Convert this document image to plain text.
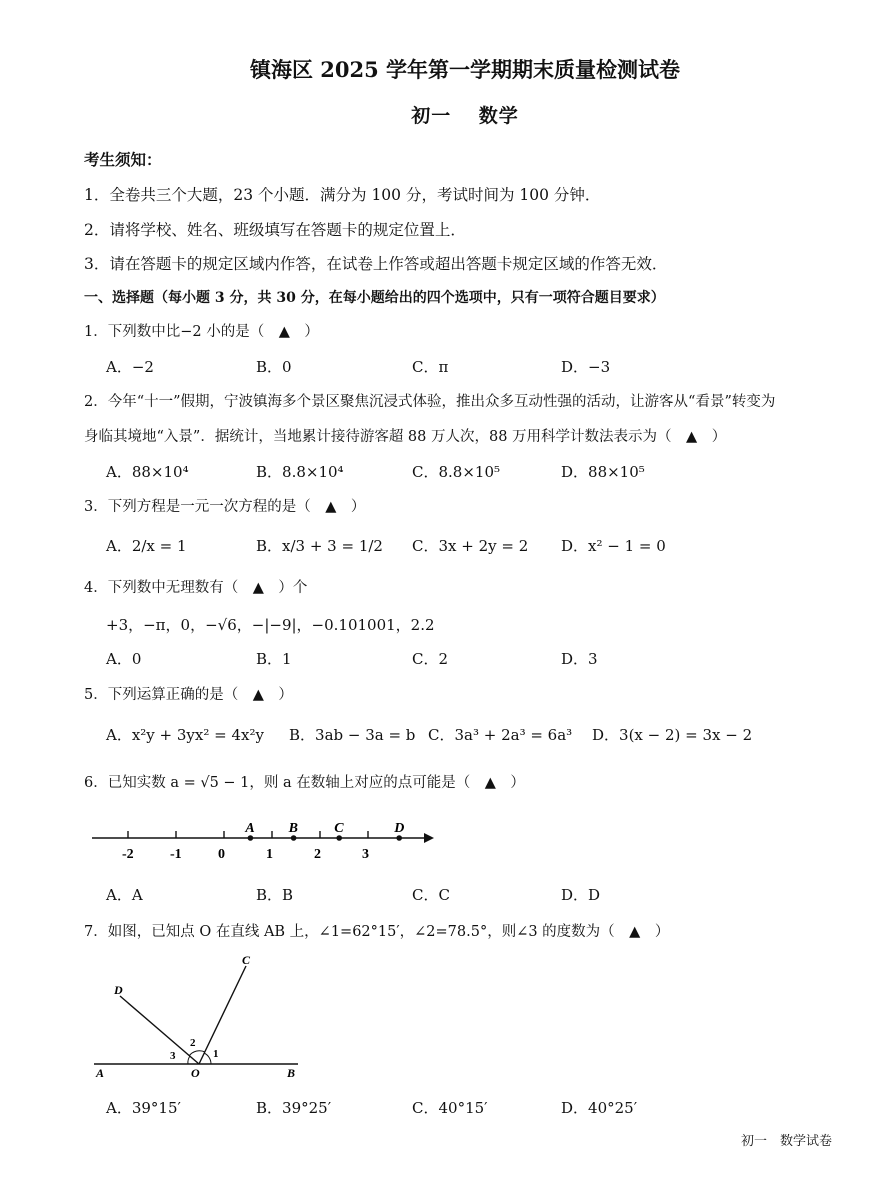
镇海区 2025 学年第一学期期末质量检测试卷
初一　 数学
考生须知：
1．全卷共三个大题，23 个小题．满分为 100 分，考试时间为 100 分钟．
2．请将学校、姓名、班级填写在答题卡的规定位置上．
3．请在答题卡的规定区域内作答，在试卷上作答或超出答题卡规定区域的作答无效．
一、选择题（每小题 3 分，共 30 分，在每小题给出的四个选项中，只有一项符合题目要求）
1．下列数中比−2 小的是（　▲　）
A．−2	B．0	C．π	D．−3
2．今年“十一”假期，宁波镇海多个景区聚焦沉浸式体验，推出众多互动性强的活动，让游客从“看景”转变为
身临其境地“入景”．据统计，当地累计接待游客超 88 万人次，88 万用科学计数法表示为（　▲　）
A．88×10⁴	B．8.8×10⁴	C．8.8×10⁵	D．88×10⁵
3．下列方程是一元一次方程的是（　▲　）
A．2/x = 1	B．x/3 + 3 = 1/2 C．3x + 2y = 2 D．x² − 1 = 0
4．下列数中无理数有（　▲　）个
+3，−π，0，−√6，−|−9|，−0.101001，2.2
A．0	B．1	C．2	D．3
5．下列运算正确的是（　▲　）
A．x²y + 3yx² = 4x²y B．3ab − 3a = b C．3a³ + 2a³ = 6a³ D．3(x − 2) = 3x − 2
6．已知实数 a = √5 − 1，则 a 在数轴上对应的点可能是（　▲　）
-2	-1	0	1	2	3
A B	C	D
A．A	B．B	C．C	D．D
7．如图，已知点 O 在直线 AB 上，∠1=62°15′，∠2=78.5°，则∠3 的度数为（　▲　）
D
C
A	O	B
1
2
3
A．39°15′	B．39°25′	C．40°15′	D．40°25′
初一　数学试卷
